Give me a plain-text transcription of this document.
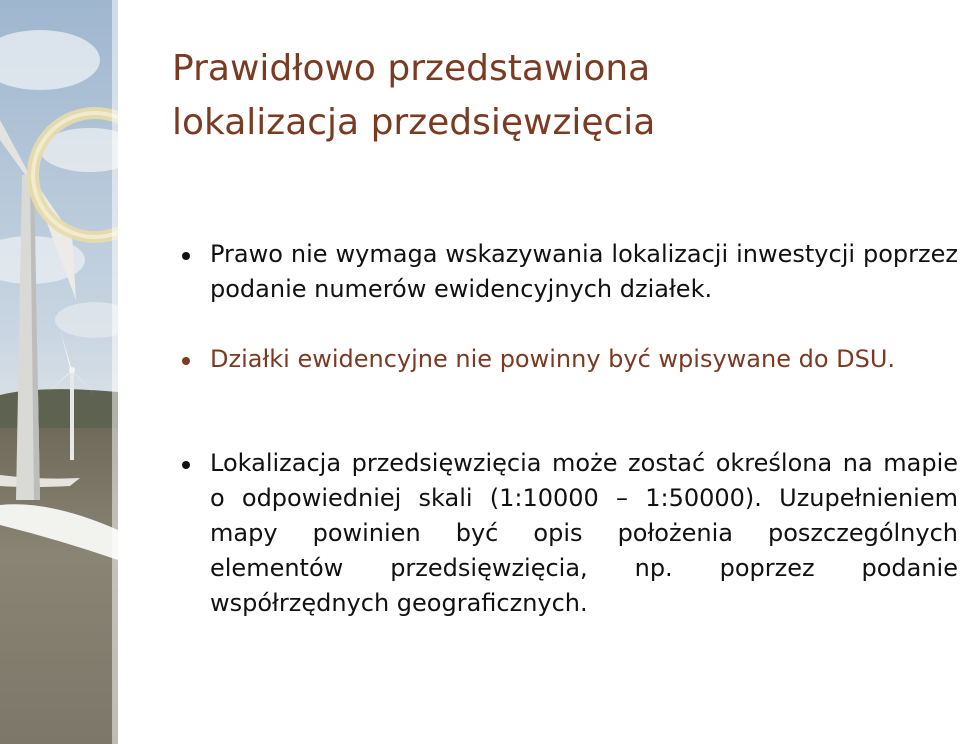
Prawidłowo przedstawiona
lokalizacja przedsięwzięcia
Prawo nie wymaga wskazywania lokalizacji inwestycji poprzez podanie numerów ewidencyjnych działek.
Działki ewidencyjne nie powinny być wpisywane do DSU.
Lokalizacja przedsięwzięcia może zostać określona na mapie o odpowiedniej skali (1:10000 – 1:50000). Uzupełnieniem mapy powinien być opis położenia poszczególnych elementów przedsięwzięcia, np. poprzez podanie współrzędnych geograficznych.
